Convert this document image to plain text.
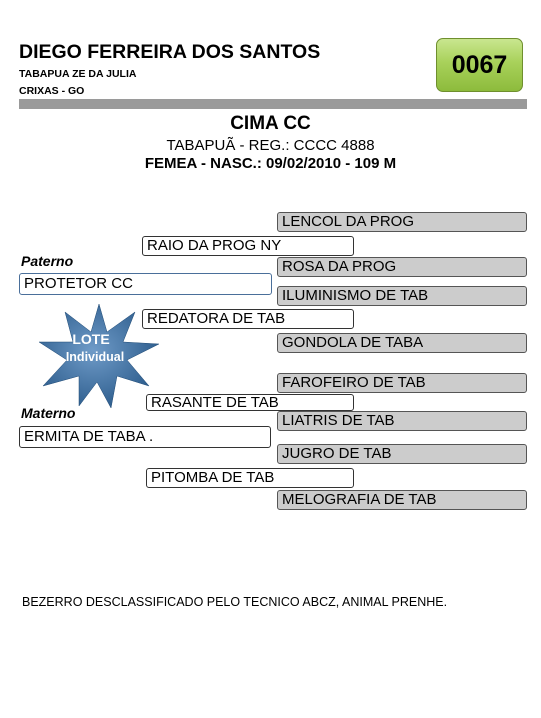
DIEGO FERREIRA DOS SANTOS
TABAPUA ZE DA JULIA
CRIXAS - GO
0067
CIMA CC
TABAPUÃ - REG.: CCCC 4888
FEMEA - NASC.: 09/02/2010 - 109 M
Paterno
Materno
LENCOL DA PROG
ROSA DA PROG
ILUMINISMO DE TAB
GONDOLA DE TABA
FAROFEIRO DE TAB
LIATRIS DE TAB
JUGRO DE TAB
MELOGRAFIA DE TAB
RAIO DA PROG NY
REDATORA DE TAB
RASANTE DE TAB
PITOMBA DE TAB
PROTETOR CC
ERMITA DE TABA .
LOTE
Individual
BEZERRO DESCLASSIFICADO PELO TECNICO ABCZ, ANIMAL PRENHE.
